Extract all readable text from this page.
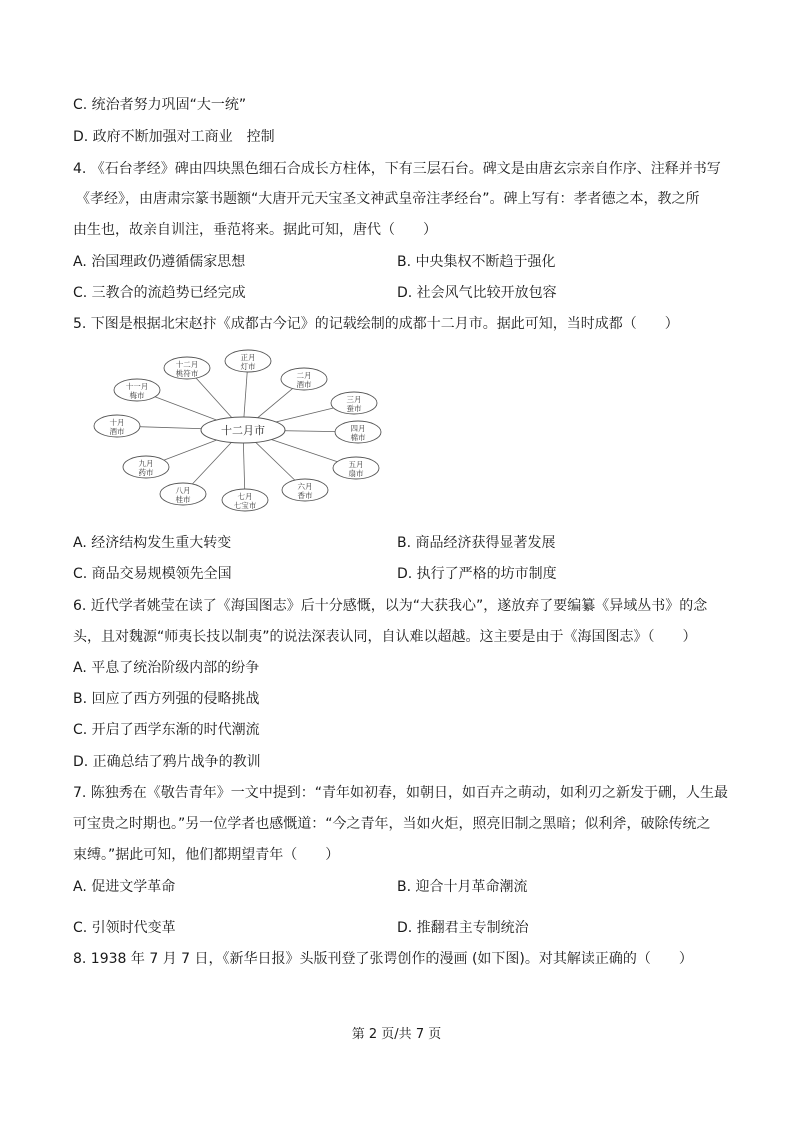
C. 统治者努力巩固“大一统”
D. 政府不断加强对工商业　控制
4. 《石台孝经》碑由四块黑色细石合成长方柱体，下有三层石台。碑文是由唐玄宗亲自作序、注释并书写
《孝经》，由唐肃宗篆书题额“大唐开元天宝圣文神武皇帝注孝经台”。碑上写有：孝者德之本，教之所
由生也，故亲自训注，垂范将来。据此可知，唐代（　　）
A. 治国理政仍遵循儒家思想	B. 中央集权不断趋于强化
C. 三教合的流趋势已经完成	D. 社会风气比较开放包容
5. 下图是根据北宋赵抃《成都古今记》的记载绘制的成都十二月市。据此可知，当时成都（　　）
十二月
桃符市
正月
灯市
二月
酒市
三月
蚕市
四月
棉市
五月
扇市
六月
香市
七月
七宝市
八月
桂市
九月
药市
十月
酒市
十一月
梅市
十二月市
A. 经济结构发生重大转变	B. 商品经济获得显著发展
C. 商品交易规模领先全国	D. 执行了严格的坊市制度
6. 近代学者姚莹在读了《海国图志》后十分感慨，以为“大获我心”，遂放弃了要编纂《异域丛书》的念
头，且对魏源“师夷长技以制夷”的说法深表认同，自认难以超越。这主要是由于《海国图志》（　　）
A. 平息了统治阶级内部的纷争
B. 回应了西方列强的侵略挑战
C. 开启了西学东渐的时代潮流
D. 正确总结了鸦片战争的教训
7. 陈独秀在《敬告青年》一文中提到：“青年如初春，如朝日，如百卉之萌动，如利刃之新发于硎，人生最
可宝贵之时期也。”另一位学者也感慨道：“今之青年，当如火炬，照亮旧制之黑暗；似利斧，破除传统之
束缚。”据此可知，他们都期望青年（　　）
A. 促进文学革命	B. 迎合十月革命潮流
C. 引领时代变革	D. 推翻君主专制统治
8. 1938 年 7 月 7 日，《新华日报》头版刊登了张谔创作的漫画 (如下图)。对其解读正确的（　　）
第 2 页/共 7 页
